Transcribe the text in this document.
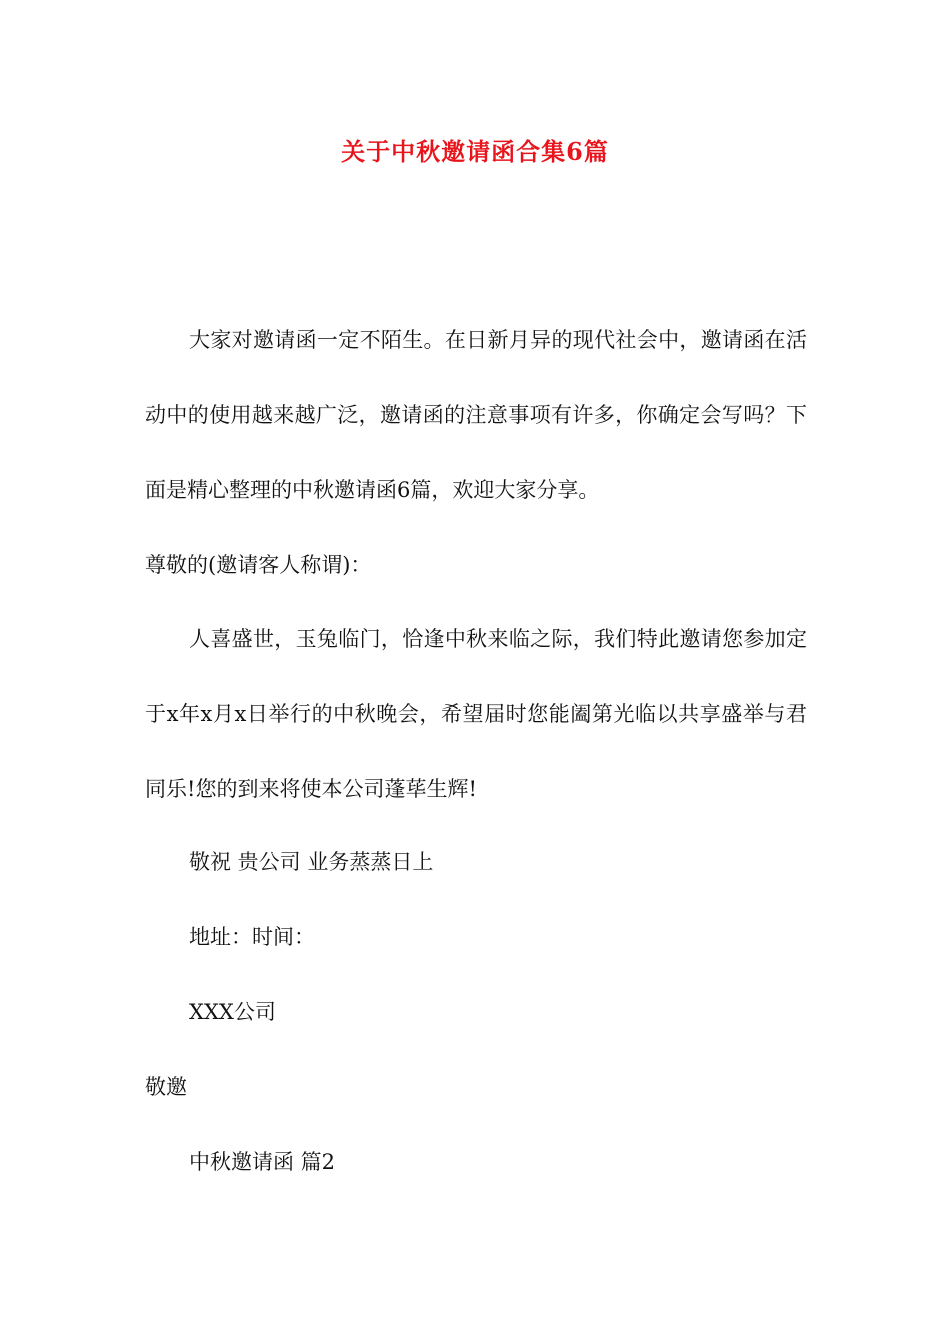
关于中秋邀请函合集6篇

大家对邀请函一定不陌生。在日新月异的现代社会中，邀请函在活动中的使用越来越广泛，邀请函的注意事项有许多，你确定会写吗？下面是精心整理的中秋邀请函6篇，欢迎大家分享。

尊敬的(邀请客人称谓)：

人喜盛世，玉兔临门，恰逢中秋来临之际，我们特此邀请您参加定于x年x月x日举行的中秋晚会，希望届时您能阖第光临以共享盛举与君同乐!您的到来将使本公司蓬荜生辉!

敬祝 贵公司 业务蒸蒸日上

地址：时间：

XXX公司

敬邀

中秋邀请函 篇2
